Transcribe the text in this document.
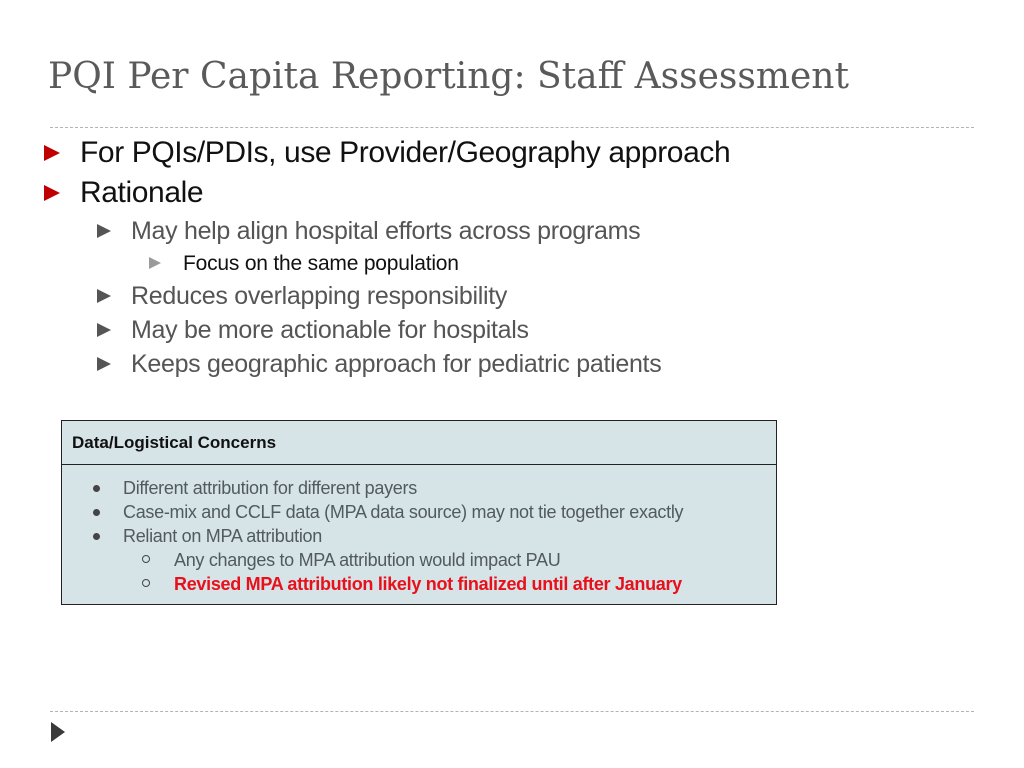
PQI Per Capita Reporting: Staff Assessment
For PQIs/PDIs, use Provider/Geography approach
Rationale
May help align hospital efforts across programs
Focus on the same population
Reduces overlapping responsibility
May be more actionable for hospitals
Keeps geographic approach for pediatric patients
Data/Logistical Concerns
Different attribution for different payers
Case-mix and CCLF data (MPA data source) may not tie together exactly
Reliant on MPA attribution
Any changes to MPA attribution would impact PAU
Revised MPA attribution likely not finalized until after January
